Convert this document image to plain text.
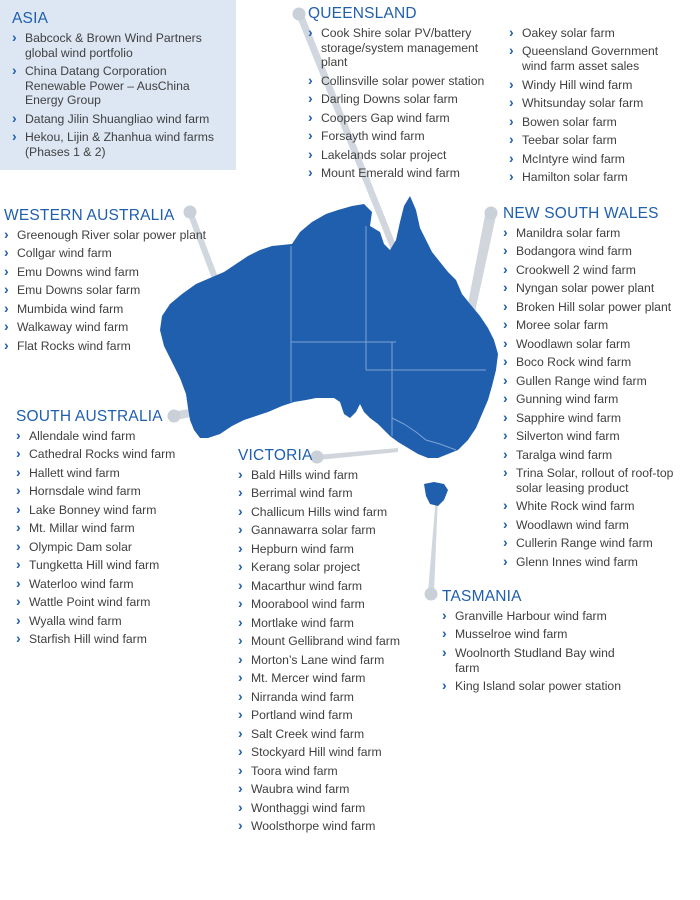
ASIA
› Babcock & Brown Wind Partners global wind portfolio
› China Datang Corporation Renewable Power – AusChina Energy Group
› Datang Jilin Shuangliao wind farm
› Hekou, Lijin & Zhanhua wind farms (Phases 1 & 2)
QUEENSLAND
› Cook Shire solar PV/battery storage/system management plant
› Collinsville solar power station
› Darling Downs solar farm
› Coopers Gap wind farm
› Forsayth wind farm
› Lakelands solar project
› Mount Emerald wind farm
› Oakey solar farm
› Queensland Government wind farm asset sales
› Windy Hill wind farm
› Whitsunday solar farm
› Bowen solar farm
› Teebar solar farm
› McIntyre wind farm
› Hamilton solar farm
WESTERN AUSTRALIA
› Greenough River solar power plant
› Collgar wind farm
› Emu Downs wind farm
› Emu Downs solar farm
› Mumbida wind farm
› Walkaway wind farm
› Flat Rocks wind farm
NEW SOUTH WALES
› Manildra solar farm
› Bodangora wind farm
› Crookwell 2 wind farm
› Nyngan solar power plant
› Broken Hill solar power plant
› Moree solar farm
› Woodlawn solar farm
› Boco Rock wind farm
› Gullen Range wind farm
› Gunning wind farm
› Sapphire wind farm
› Silverton wind farm
› Taralga wind farm
› Trina Solar, rollout of roof-top solar leasing product
› White Rock wind farm
› Woodlawn wind farm
› Cullerin Range wind farm
› Glenn Innes wind farm
SOUTH AUSTRALIA
› Allendale wind farm
› Cathedral Rocks wind farm
› Hallett wind farm
› Hornsdale wind farm
› Lake Bonney wind farm
› Mt. Millar wind farm
› Olympic Dam solar
› Tungketta Hill wind farm
› Waterloo wind farm
› Wattle Point wind farm
› Wyalla wind farm
› Starfish Hill wind farm
VICTORIA
› Bald Hills wind farm
› Berrimal wind farm
› Challicum Hills wind farm
› Gannawarra solar farm
› Hepburn wind farm
› Kerang solar project
› Macarthur wind farm
› Moorabool wind farm
› Mortlake wind farm
› Mount Gellibrand wind farm
› Morton’s Lane wind farm
› Mt. Mercer wind farm
› Nirranda wind farm
› Portland wind farm
› Salt Creek wind farm
› Stockyard Hill wind farm
› Toora wind farm
› Waubra wind farm
› Wonthaggi wind farm
› Woolsthorpe wind farm
TASMANIA
› Granville Harbour wind farm
› Musselroe wind farm
› Woolnorth Studland Bay wind farm
› King Island solar power station
